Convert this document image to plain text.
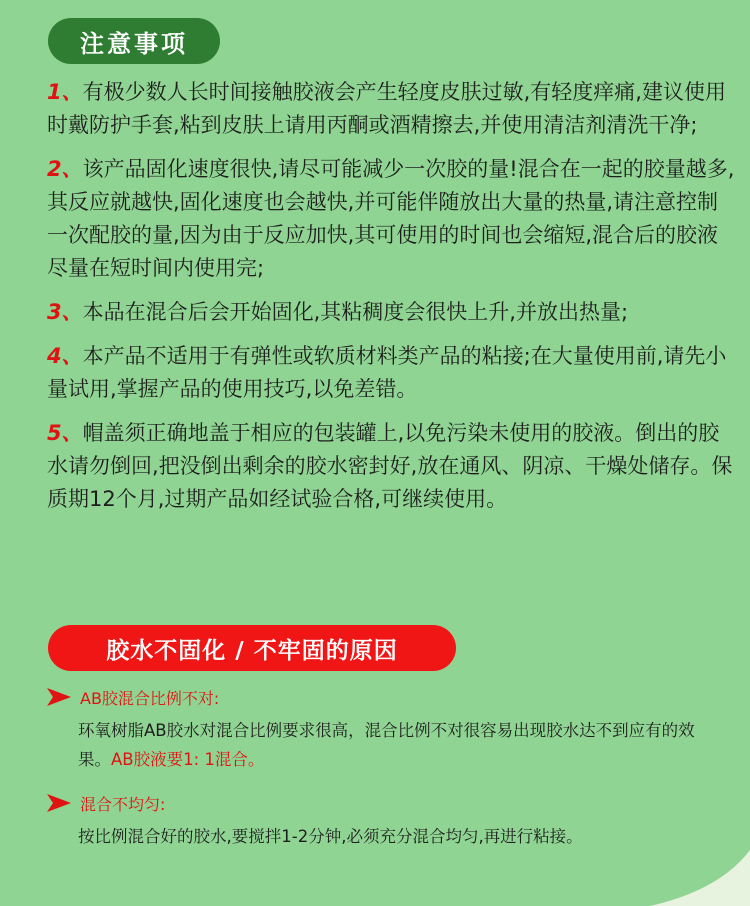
注意事项
1、有极少数人长时间接触胶液会产生轻度皮肤过敏,有轻度痒痛,建议使用时戴防护手套,粘到皮肤上请用丙酮或酒精擦去,并使用清洁剂清洗干净;
2、该产品固化速度很快,请尽可能减少一次胶的量!混合在一起的胶量越多,其反应就越快,固化速度也会越快,并可能伴随放出大量的热量,请注意控制一次配胶的量,因为由于反应加快,其可使用的时间也会缩短,混合后的胶液尽量在短时间内使用完;
3、本品在混合后会开始固化,其粘稠度会很快上升,并放出热量;
4、本产品不适用于有弹性或软质材料类产品的粘接;在大量使用前,请先小量试用,掌握产品的使用技巧,以免差错。
5、帽盖须正确地盖于相应的包装罐上,以免污染未使用的胶液。倒出的胶水请勿倒回,把没倒出剩余的胶水密封好,放在通风、阴凉、干燥处储存。保质期12个月,过期产品如经试验合格,可继续使用。
胶水不固化 / 不牢固的原因
AB胶混合比例不对:
环氧树脂AB胶水对混合比例要求很高，混合比例不对很容易出现胶水达不到应有的效果。AB胶液要1: 1混合。
混合不均匀:
按比例混合好的胶水,要搅拌1-2分钟,必须充分混合均匀,再进行粘接。
